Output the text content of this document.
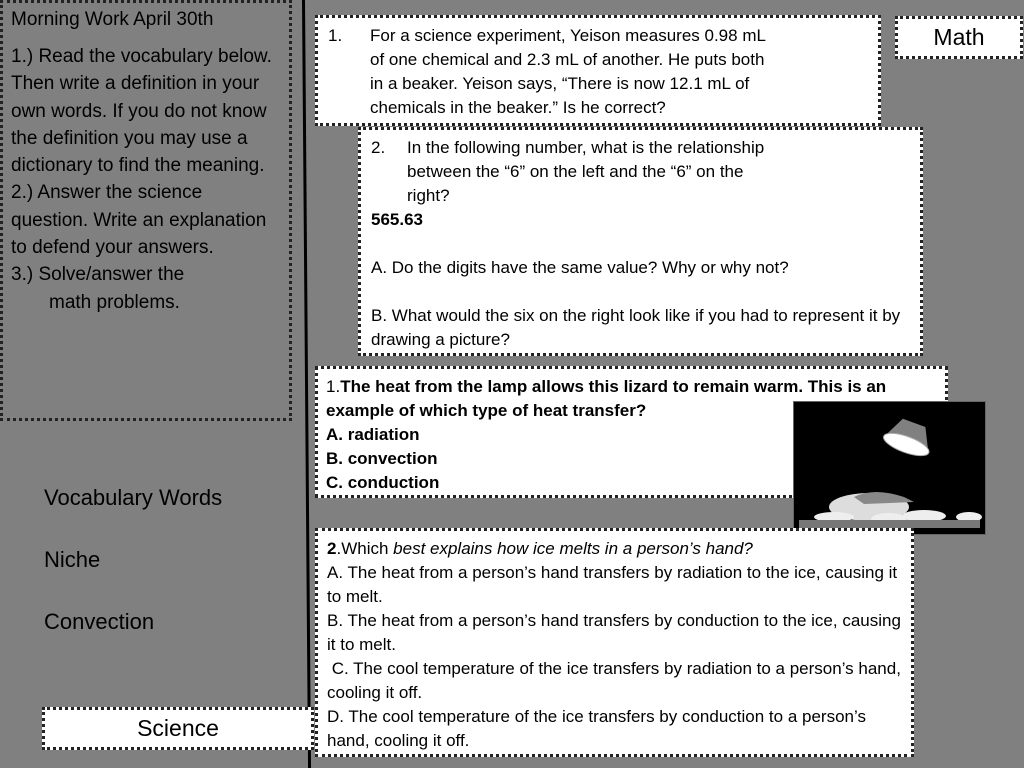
Morning Work April 30th
1.) Read the vocabulary below. Then write a definition in your own words. If you do not know the definition you may use a dictionary to find the meaning.
2.) Answer the science question. Write an explanation to defend your answers.
3.) Solve/answer the
math problems.
Vocabulary Words
Niche
Convection
Science
Math
1. For a science experiment, Yeison measures 0.98 mL
of one chemical and 2.3 mL of another. He puts both
in a beaker. Yeison says, “There is now 12.1 mL of
chemicals in the beaker.” Is he correct?
2. In the following number, what is the relationship
between the “6” on the left and the “6” on the
right?
565.63
A. Do the digits have the same value? Why or why not?
B. What would the six on the right look like if you had to represent it by drawing a picture?
1.The heat from the lamp allows this lizard to remain warm. This is an example of which type of heat transfer?
A. radiation
B. convection
C. conduction
2.Which best explains how ice melts in a person’s hand?
A. The heat from a person’s hand transfers by radiation to the ice, causing it to melt.
B. The heat from a person’s hand transfers by conduction to the ice, causing it to melt.
C. The cool temperature of the ice transfers by radiation to a person’s hand, cooling it off.
D. The cool temperature of the ice transfers by conduction to a person’s hand, cooling it off.
